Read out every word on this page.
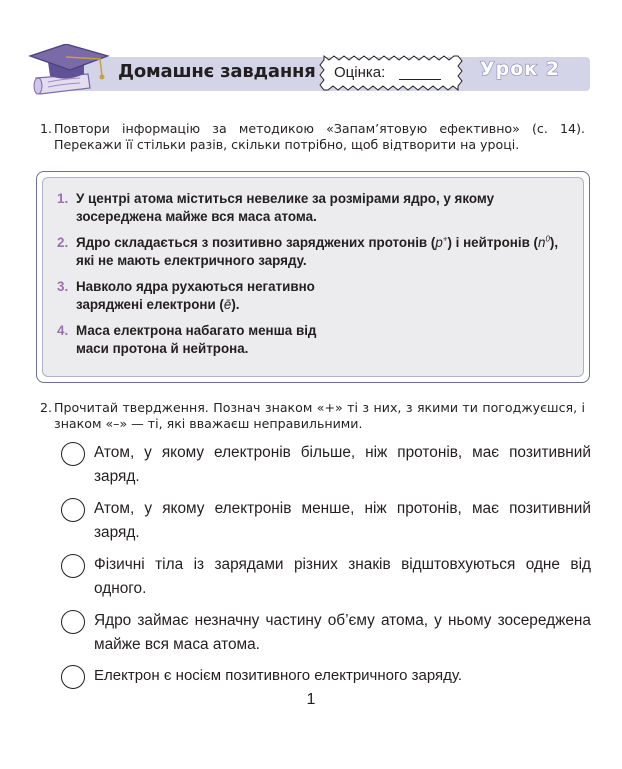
Домашнє завдання Оцінка:	Урок 2
1. Повтори інформацію за методикою «Запам’ятовую ефективно» (с. 14). Перекажи її стільки разів, скільки потрібно, щоб відтворити на уроці.
1. У центрі атома міститься невелике за розмірами ядро, у якому зосереджена майже вся маса атома.
2. Ядро складається з позитивно заряджених протонів (p+) і нейтронів $(n^0)$, які не мають електричного заряду.
3. Навколо ядра рухаються негативно заряджені електрони (ē).
4. Маса електрона набагато менша від маси протона й нейтрона.
2. Прочитай твердження. Познач знаком «+» ті з них, з якими ти погоджуєшся, і знаком «–» — ті, які вважаєш неправильними.
Атом, у якому електронів більше, ніж протонів, має позитивний заряд.
Атом, у якому електронів менше, ніж протонів, має позитивний заряд.
Фізичні тіла із зарядами різних знаків відштовхуються одне від одного.
Ядро займає незначну частину об’єму атома, у ньому зосереджена майже вся маса атома.
Електрон є носієм позитивного електричного заряду.
1
